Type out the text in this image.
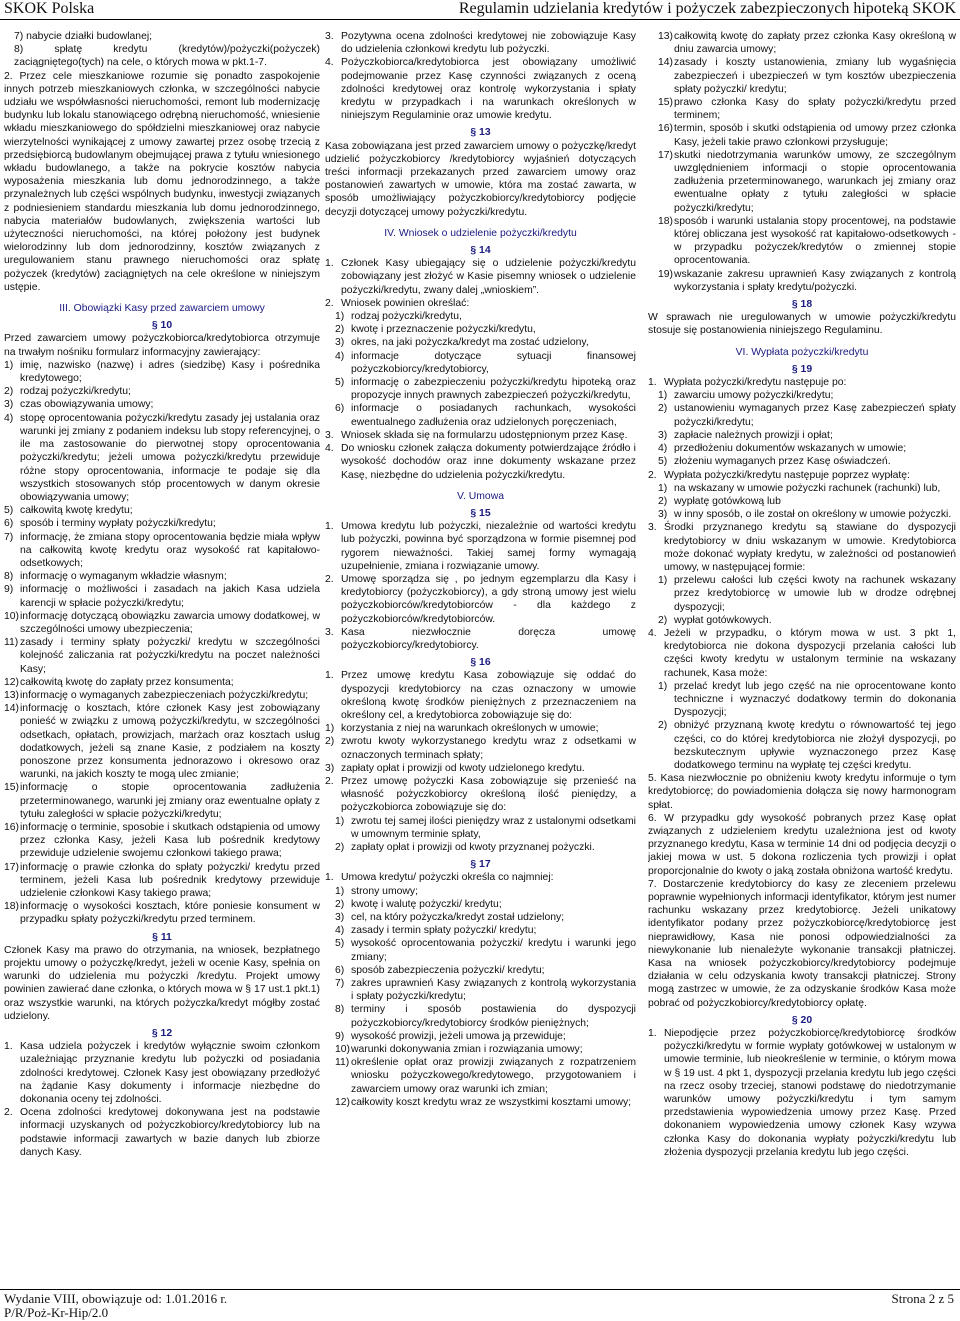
SKOK Polska	Regulamin udzielania kredytów i pożyczek zabezpieczonych hipoteką SKOK
7) nabycie działki budowlanej;
8) spłatę kredytu (kredytów)/pożyczki(pożyczek) zaciągniętego(tych) na cele, o których mowa w pkt.1-7.

2. Przez cele mieszkaniowe rozumie się ponadto zaspokojenie innych potrzeb mieszkaniowych członka, w szczególności nabycie udziału we współwłasności nieruchomości, remont lub modernizację budynku lub lokalu stanowiącego odrębną nieruchomość, wniesienie wkładu mieszkaniowego do spółdzielni mieszkaniowej oraz nabycie wierzytelności wynikającej z umowy zawartej przez osobę trzecią z przedsiębiorcą budowlanym obejmującej prawa z tytułu wniesionego wkładu budowlanego, a także na pokrycie kosztów nabycia wyposażenia mieszkania lub domu jednorodzinnego, a także przynależnych lub części wspólnych budynku, inwestycji związanych z podniesieniem standardu mieszkania lub domu jednorodzinnego, nabycia materiałów budowlanych, zwiększenia wartości lub użyteczności nieruchomości, na której położony jest budynek wielorodzinny lub dom jednorodzinny, kosztów związanych z uregulowaniem stanu prawnego nieruchomości oraz spłatę pożyczek (kredytów) zaciągniętych na cele określone w niniejszym ustępie.

III. Obowiązki Kasy przed zawarciem umowy
§ 10

Przed zawarciem umowy pożyczkobiorca/kredytobiorca otrzymuje na trwałym nośniku formularz informacyjny zawierający:

1) imię, nazwisko (nazwę) i adres (siedzibę) Kasy i pośrednika kredytowego;
2) rodzaj pożyczki/kredytu;
3) czas obowiązywania umowy;
4) stopę oprocentowania pożyczki/kredytu zasady jej ustalania oraz warunki jej zmiany z podaniem indeksu lub stopy referencyjnej, o ile ma zastosowanie do pierwotnej stopy oprocentowania pożyczki/kredytu; jeżeli umowa pożyczki/kredytu przewiduje różne stopy oprocentowania, informacje te podaje się dla wszystkich stosowanych stóp procentowych w danym okresie obowiązywania umowy;
5) całkowitą kwotę kredytu;
6) sposób i terminy wypłaty pożyczki/kredytu;
7) informację, że zmiana stopy oprocentowania będzie miała wpływ na całkowitą kwotę kredytu oraz wysokość rat kapitałowo-odsetkowych;
8) informację o wymaganym wkładzie własnym;
9) informację o możliwości i zasadach na jakich Kasa udziela karencji w spłacie pożyczki/kredytu;
10) informację dotyczącą obowiązku zawarcia umowy dodatkowej, w szczególności umowy ubezpieczenia;
11) zasady i terminy spłaty pożyczki/ kredytu w szczególności kolejność zaliczania rat pożyczki/kredytu na poczet należności Kasy;
12) całkowitą kwotę do zapłaty przez konsumenta;
13) informację o wymaganych zabezpieczeniach pożyczki/kredytu;
14) informację o kosztach, które członek Kasy jest zobowiązany ponieść w związku z umową pożyczki/kredytu, w szczególności odsetkach, opłatach, prowizjach, marżach oraz kosztach usług dodatkowych, jeżeli są znane Kasie, z podziałem na koszty ponoszone przez konsumenta jednorazowo i okresowo oraz warunki, na jakich koszty te mogą ulec zmianie;
15) informację o stopie oprocentowania zadłużenia przeterminowanego, warunki jej zmiany oraz ewentualne opłaty z tytułu zaległości w spłacie pożyczki/kredytu;
16) informację o terminie, sposobie i skutkach odstąpienia od umowy przez członka Kasy, jeżeli Kasa lub pośrednik kredytowy przewiduje udzielenie swojemu członkowi takiego prawa;
17) informację o prawie członka do spłaty pożyczki/ kredytu przed terminem, jeżeli Kasa lub pośrednik kredytowy przewiduje udzielenie członkowi Kasy takiego prawa;
18) informację o wysokości kosztach, które poniesie konsument w przypadku spłaty pożyczki/kredytu przed terminem.
§ 11

Członek Kasy ma prawo do otrzymania, na wniosek, bezpłatnego projektu umowy o pożyczkę/kredyt, jeżeli w ocenie Kasy, spełnia on warunki do udzielenia mu pożyczki /kredytu. Projekt umowy powinien zawierać dane członka, o których mowa w § 17 ust.1 pkt.1) oraz wszystkie warunki, na których pożyczka/kredyt mógłby zostać udzielony.

§ 12
1. Kasa udziela pożyczek i kredytów wyłącznie swoim członkom uzależniając przyznanie kredytu lub pożyczki od posiadania zdolności kredytowej. Członek Kasy jest obowiązany przedłożyć na żądanie Kasy dokumenty i informacje niezbędne do dokonania oceny tej zdolności.
2. Ocena zdolności kredytowej dokonywana jest na podstawie informacji uzyskanych od pożyczkobiorcy/kredytobiorcy lub na podstawie informacji zawartych w bazie danych lub zbiorze danych Kasy.
3. Pozytywna ocena zdolności kredytowej nie zobowiązuje Kasy do udzielenia członkowi kredytu lub pożyczki.
4. Pożyczkobiorca/kredytobiorca jest obowiązany umożliwić podejmowanie przez Kasę czynności związanych z oceną zdolności kredytowej oraz kontrolę wykorzystania i spłaty kredytu w przypadkach i na warunkach określonych w niniejszym Regulaminie oraz umowie kredytu.
§ 13

Kasa zobowiązana jest przed zawarciem umowy o pożyczkę/kredyt udzielić pożyczkobiorcy /kredytobiorcy wyjaśnień dotyczących treści informacji przekazanych przed zawarciem umowy oraz postanowień zawartych w umowie, która ma zostać zawarta, w sposób umożliwiający pożyczkobiorcy/kredytobiorcy podjęcie decyzji dotyczącej umowy pożyczki/kredytu.

IV. Wniosek o udzielenie pożyczki/kredytu
§ 14
1. Członek Kasy ubiegający się o udzielenie pożyczki/kredytu zobowiązany jest złożyć w Kasie pisemny wniosek o udzielenie pożyczki/kredytu, zwany dalej „wnioskiem”.
2. Wniosek powinien określać:
1) rodzaj pożyczki/kredytu,
2) kwotę i przeznaczenie pożyczki/kredytu,
3) okres, na jaki pożyczka/kredyt ma zostać udzielony,
4) informacje dotyczące sytuacji finansowej pożyczkobiorcy/kredytobiorcy,
5) informację o zabezpieczeniu pożyczki/kredytu hipoteką oraz propozycje innych prawnych zabezpieczeń pożyczki/kredytu,
6) informacje o posiadanych rachunkach, wysokości ewentualnego zadłużenia oraz udzielonych poręczeniach,
3. Wniosek składa się na formularzu udostępnionym przez Kasę.
4. Do wniosku członek załącza dokumenty potwierdzające źródło i wysokość dochodów oraz inne dokumenty wskazane przez Kasę, niezbędne do udzielenia pożyczki/kredytu.
V. Umowa
§ 15
1. Umowa kredytu lub pożyczki, niezależnie od wartości kredytu lub pożyczki, powinna być sporządzona w formie pisemnej pod rygorem nieważności. Takiej samej formy wymagają uzupełnienie, zmiana i rozwiązanie umowy.
2. Umowę sporządza się , po jednym egzemplarzu dla Kasy i kredytobiorcy (pożyczkobiorcy), a gdy stroną umowy jest wielu pożyczkobiorców/kredytobiorców - dla każdego z pożyczkobiorców/kredytobiorców.
3. Kasa niezwłocznie doręcza umowę pożyczkobiorcy/kredytobiorcy.
§ 16
1. Przez umowę kredytu Kasa zobowiązuje się oddać do dyspozycji kredytobiorcy na czas oznaczony w umowie określoną kwotę środków pieniężnych z przeznaczeniem na określony cel, a kredytobiorca zobowiązuje się do:
1) korzystania z niej na warunkach określonych w umowie;
2) zwrotu kwoty wykorzystanego kredytu wraz z odsetkami w oznaczonych terminach spłaty;
3) zapłaty opłat i prowizji od kwoty udzielonego kredytu.
2. Przez umowę pożyczki Kasa zobowiązuje się przenieść na własność pożyczkobiorcy określoną ilość pieniędzy, a pożyczkobiorca zobowiązuje się do:
1) zwrotu tej samej ilości pieniędzy wraz z ustalonymi odsetkami w umownym terminie spłaty,
2) zapłaty opłat i prowizji od kwoty przyznanej pożyczki.
§ 17
1. Umowa kredytu/ pożyczki określa co najmniej:
1) strony umowy;
2) kwotę i walutę pożyczki/ kredytu;
3) cel, na który pożyczka/kredyt został udzielony;
4) zasady i termin spłaty pożyczki/ kredytu;
5) wysokość oprocentowania pożyczki/ kredytu i warunki jego zmiany;
6) sposób zabezpieczenia pożyczki/ kredytu;
7) zakres uprawnień Kasy związanych z kontrolą wykorzystania i spłaty pożyczki/kredytu;
8) terminy i sposób postawienia do dyspozycji pożyczkobiorcy/kredytobiorcy środków pieniężnych;
9) wysokość prowizji, jeżeli umowa ją przewiduje;
10) warunki dokonywania zmian i rozwiązania umowy;
11) określenie opłat oraz prowizji związanych z rozpatrzeniem wniosku pożyczkowego/kredytowego, przygotowaniem i zawarciem umowy oraz warunki ich zmian;
12) całkowity koszt kredytu wraz ze wszystkimi kosztami umowy;
13) całkowitą kwotę do zapłaty przez członka Kasy określoną w dniu zawarcia umowy;
14) zasady i koszty ustanowienia, zmiany lub wygaśnięcia zabezpieczeń i ubezpieczeń w tym kosztów ubezpieczenia spłaty pożyczki/ kredytu;
15) prawo członka Kasy do spłaty pożyczki/kredytu przed terminem;
16) termin, sposób i skutki odstąpienia od umowy przez członka Kasy, jeżeli takie prawo członkowi przysługuje;
17) skutki niedotrzymania warunków umowy, ze szczególnym uwzględnieniem informacji o stopie oprocentowania zadłużenia przeterminowanego, warunkach jej zmiany oraz ewentualne opłaty z tytułu zaległości w spłacie pożyczki/kredytu;
18) sposób i warunki ustalania stopy procentowej, na podstawie której obliczana jest wysokość rat kapitałowo-odsetkowych - w przypadku pożyczek/kredytów o zmiennej stopie oprocentowania.
19) wskazanie zakresu uprawnień Kasy związanych z kontrolą wykorzystania i spłaty kredytu/pożyczki.
§ 18

W sprawach nie uregulowanych w umowie pożyczki/kredytu stosuje się postanowienia niniejszego Regulaminu.

VI. Wypłata pożyczki/kredytu
§ 19
1. Wypłata pożyczki/kredytu następuje po:
1) zawarciu umowy pożyczki/kredytu;
2) ustanowieniu wymaganych przez Kasę zabezpieczeń spłaty pożyczki/kredytu;
3) zapłacie należnych prowizji i opłat;
4) przedłożeniu dokumentów wskazanych w umowie;
5) złożeniu wymaganych przez Kasę oświadczeń.
2. Wypłata pożyczki/kredytu następuje poprzez wypłatę:
1) na wskazany w umowie pożyczki rachunek (rachunki) lub,
2) wypłatę gotówkową lub
3) w inny sposób, o ile został on określony w umowie pożyczki.
3. Środki przyznanego kredytu są stawiane do dyspozycji kredytobiorcy w dniu wskazanym w umowie. Kredytobiorca może dokonać wypłaty kredytu, w zależności od postanowień umowy, w następującej formie:
1) przelewu całości lub części kwoty na rachunek wskazany przez kredytobiorcę w umowie lub w drodze odrębnej dyspozycji;
2) wypłat gotówkowych.
4. Jeżeli w przypadku, o którym mowa w ust. 3 pkt 1, kredytobiorca nie dokona dyspozycji przelania całości lub części kwoty kredytu w ustalonym terminie na wskazany rachunek, Kasa może:
1) przelać kredyt lub jego część na nie oprocentowane konto techniczne i wyznaczyć dodatkowy termin do dokonania Dyspozycji;
2) obniżyć przyznaną kwotę kredytu o równowartość tej jego części, co do której kredytobiorca nie złożył dyspozycji, po bezskutecznym upływie wyznaczonego przez Kasę dodatkowego terminu na wypłatę tej części kredytu.

5. Kasa niezwłocznie po obniżeniu kwoty kredytu informuje o tym kredytobiorcę; do powiadomienia dołącza się nowy harmonogram spłat.

6. W przypadku gdy wysokość pobranych przez Kasę opłat związanych z udzieleniem kredytu uzależniona jest od kwoty przyznanego kredytu, Kasa w terminie 14 dni od podjęcia decyzji o jakiej mowa w ust. 5 dokona rozliczenia tych prowizji i opłat proporcjonalnie do kwoty o jaką została obniżona wartość kredytu.

7. Dostarczenie kredytobiorcy do kasy ze zleceniem przelewu poprawnie wypełnionych informacji identyfikator, którym jest numer rachunku wskazany przez kredytobiorcę. Jeżeli unikatowy identyfikator podany przez pożyczkobiorcę/kredytobiorcę jest nieprawidłowy, Kasa nie ponosi odpowiedzialności za niewykonanie lub nienależyte wykonanie transakcji płatniczej. Kasa na wniosek pożyczkobiorcy/kredytobiorcy podejmuje działania w celu odzyskania kwoty transakcji płatniczej. Strony mogą zastrzec w umowie, że za odzyskanie środków Kasa może pobrać od pożyczkobiorcy/kredytobiorcy opłatę.

§ 20
1. Niepodjęcie przez pożyczkobiorcę/kredytobiorcę środków pożyczki/kredytu w formie wypłaty gotówkowej w ustalonym w umowie terminie, lub nieokreślenie w terminie, o którym mowa w § 19 ust. 4 pkt 1, dyspozycji przelania kredytu lub jego części na rzecz osoby trzeciej, stanowi podstawę do niedotrzymanie warunków umowy pożyczki/kredytu i tym samym przedstawienia wypowiedzenia umowy przez Kasę. Przed dokonaniem wypowiedzenia umowy członek Kasy wzywa członka Kasy do dokonania wypłaty pożyczki/kredytu lub złożenia dyspozycji przelania kredytu lub jego części.
Wydanie VIII, obowiązuje od: 1.01.2016 r.
P/R/Poż-Kr-Hip/2.0
Strona 2 z 5
